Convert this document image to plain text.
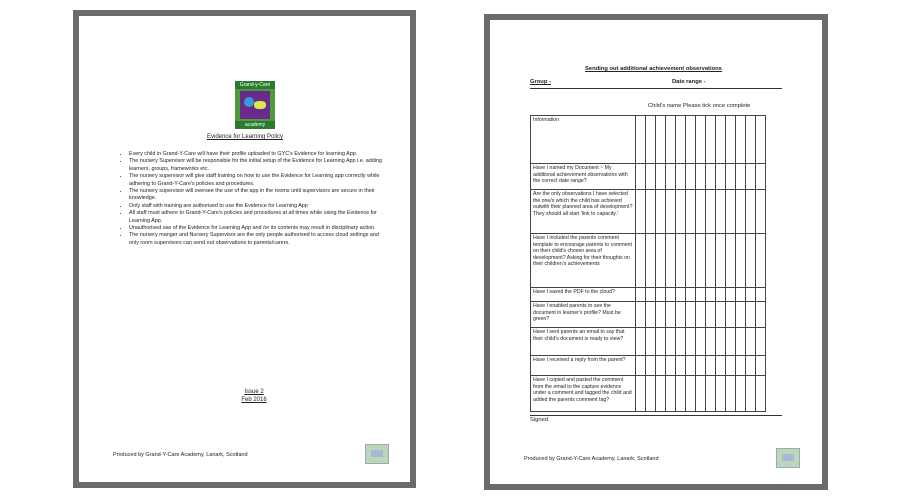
Grand-y-Care
academy
Evidence for Learning Policy
• Every child in Grand-Y-Care will have their profile uploaded to GYC's Evidence for learning App.
• The nursery Supervisor will be responsible for the initial setup of the Evidence for Learning App i.e. adding learners, groups, frameworks etc.
• The nursery supervisor will give staff training on how to use the Evidence for Learning app correctly while adhering to Grand-Y-Care's policies and procedures.
• The nursery supervisor will oversee the use of the app in the rooms until supervisors are secure in their knowledge.
• Only staff with training are authorised to use the Evidence for Learning App
• All staff must adhere to Grand-Y-Care's policies and procedures at all times while using the Evidence for Learning App.
• Unauthorised use of the Evidence for Learning App and /or its contents may result in disciplinary action.
• The nursery manger and Nursery Supervisor are the only people authorised to access cloud settings and only room supervisors can send out observations to parents/carers.
Issue 2
Feb 2016
Produced by Grand-Y-Care Academy, Lanark, Scotland
Sending out additional achievement observations
Group -	Date range -
Child's name Please tick once complete
Information													
Have I named my Document ~ My additional achievement observations with the correct date range?													
Are the only observations I have selected the one/s which the child has achieved outwith their planned area of development? They should all start 'link to capacity.'													
Have I included the parents comment template to encourage parents to comment on their child's chosen area of development? Asking for their thoughts on their children's achievements													
Have I saved the PDF to the cloud?													
Have I enabled parents to see the document in learner's profile? Must be green?													
Have I sent parents an email to say that their child's document is ready to view?													
Have I received a reply from the parent?													
Have I copied and pasted the comment from the email to the capture evidence under a comment and tagged the child and added the parents comment tag?													
Signed
Produced by Grand-Y-Care Academy, Lanark, Scotland
